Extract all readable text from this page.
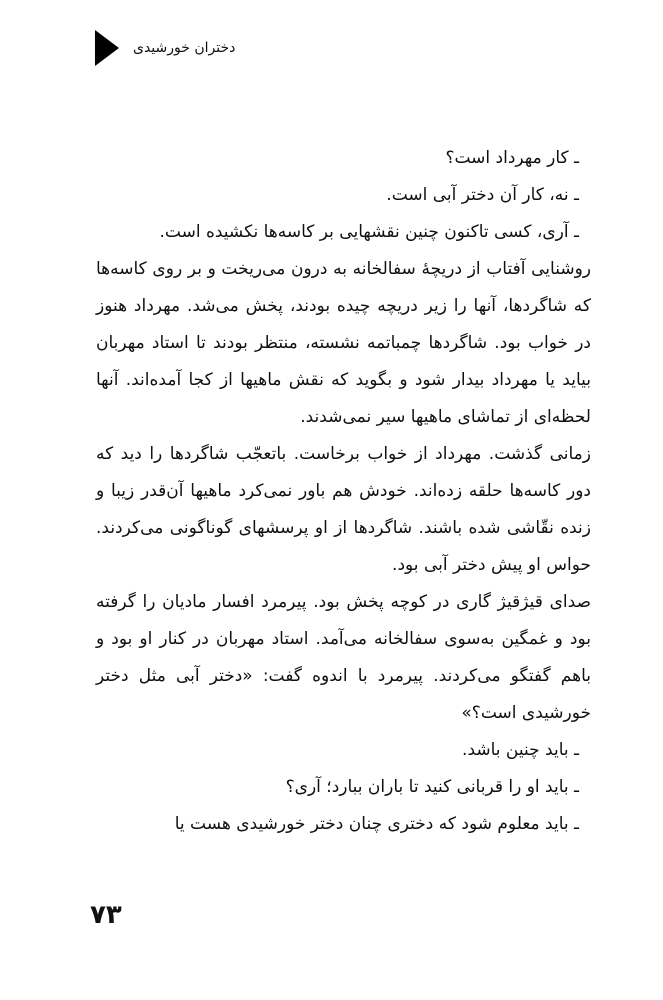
دختران خورشیدی

ـ کار مهرداد است؟

ـ نه، کار آن دختر آبی است.

ـ آری، کسی تاکنون چنین نقشهایی بر کاسه‌ها نکشیده است.

روشنایی آفتاب از دریچهٔ سفالخانه به درون می‌ریخت و بر روی کاسه‌ها که شاگردها، آنها را زیر دریچه چیده بودند، پخش می‌شد. مهرداد هنوز در خواب بود. شاگردها چمباتمه نشسته، منتظر بودند تا استاد مهربان بیاید یا مهرداد بیدار شود و بگوید که نقش ماهیها از کجا آمده‌اند. آنها لحظه‌ای از تماشای ماهیها سیر نمی‌شدند.

زمانی گذشت. مهرداد از خواب برخاست. باتعجّب شاگردها را دید که دور کاسه‌ها حلقه زده‌اند. خودش هم باور نمی‌کرد ماهیها آن‌قدر زیبا و زنده نقّاشی شده باشند. شاگردها از او پرسشهای گوناگونی می‌کردند. حواس او پیش دختر آبی بود.

صدای قیژقیژ گاری در کوچه پخش بود. پیرمرد افسار مادیان را گرفته بود و غمگین به‌سوی سفالخانه می‌آمد. استاد مهربان در کنار او بود و باهم گفتگو می‌کردند. پیرمرد با اندوه گفت: «دختر آبی مثل دختر خورشیدی است؟»

ـ باید چنین باشد.

ـ باید او را قربانی کنید تا باران ببارد؛ آری؟

ـ باید معلوم شود که دختری چنان دختر خورشیدی هست یا

۷۳
